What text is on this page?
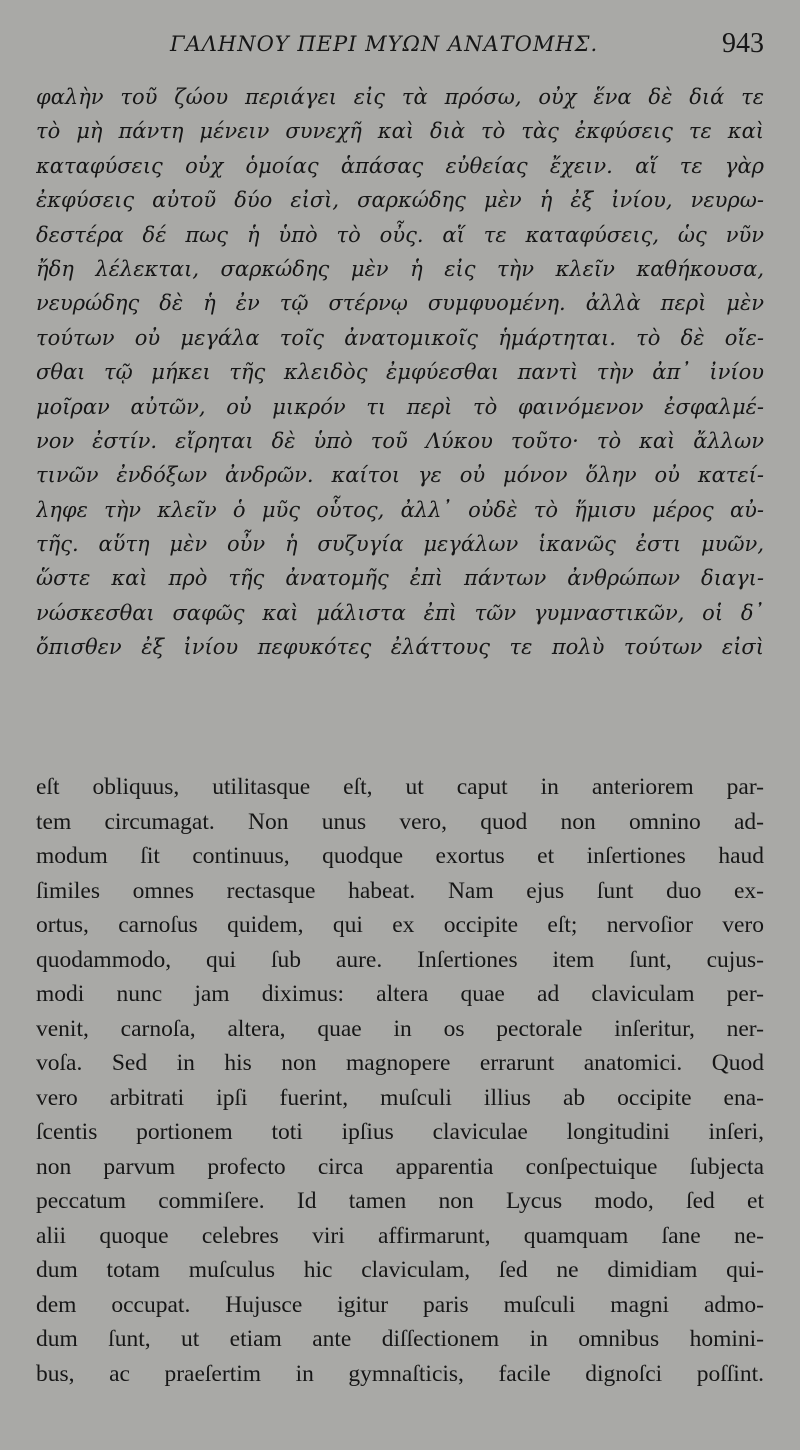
ΓΑΛΗΝΟΥ ΠΕΡΙ ΜΥΩΝ ΑΝΑΤΟΜΗΣ.	943
φαλὴν τοῦ ζώου περιάγει εἰς τὰ πρόσω, οὐχ ἕνα δὲ διά τε
τὸ μὴ πάντη μένειν συνεχῆ καὶ διὰ τὸ τὰς ἐκφύσεις τε καὶ
καταφύσεις οὐχ ὁμοίας ἁπάσας εὐθείας ἔχειν. αἵ τε γὰρ
ἐκφύσεις αὐτοῦ δύο εἰσὶ, σαρκώδης μὲν ἡ ἐξ ἰνίου, νευρω-
δεστέρα δέ πως ἡ ὑπὸ τὸ οὖς. αἵ τε καταφύσεις, ὡς νῦν
ἤδη λέλεκται, σαρκώδης μὲν ἡ εἰς τὴν κλεῖν καθήκουσα,
νευρώδης δὲ ἡ ἐν τῷ στέρνῳ συμφυομένη. ἀλλὰ περὶ μὲν
τούτων οὐ μεγάλα τοῖς ἀνατομικοῖς ἡμάρτηται. τὸ δὲ οἴε-
σθαι τῷ μήκει τῆς κλειδὸς ἐμφύεσθαι παντὶ τὴν ἀπ᾽ ἰνίου
μοῖραν αὐτῶν, οὐ μικρόν τι περὶ τὸ φαινόμενον ἐσφαλμέ-
νον ἐστίν. εἴρηται δὲ ὑπὸ τοῦ Λύκου τοῦτο· τὸ καὶ ἄλλων
τινῶν ἐνδόξων ἀνδρῶν. καίτοι γε οὐ μόνον ὅλην οὐ κατεί-
ληφε τὴν κλεῖν ὁ μῦς οὗτος, ἀλλ᾽ οὐδὲ τὸ ἥμισυ μέρος αὐ-
τῆς. αὕτη μὲν οὖν ἡ συζυγία μεγάλων ἱκανῶς ἐστι μυῶν,
ὥστε καὶ πρὸ τῆς ἀνατομῆς ἐπὶ πάντων ἀνθρώπων διαγι-
νώσκεσθαι σαφῶς καὶ μάλιστα ἐπὶ τῶν γυμναστικῶν, οἱ δ᾽
ὄπισθεν ἐξ ἰνίου πεφυκότες ἐλάττους τε πολὺ τούτων εἰσὶ
eſt obliquus, utilitasque eſt, ut caput in anteriorem par-
tem circumagat. Non unus vero, quod non omnino ad-
modum ſit continuus, quodque exortus et inſertiones haud
ſimiles omnes rectasque habeat. Nam ejus ſunt duo ex-
ortus, carnoſus quidem, qui ex occipite eſt; nervoſior vero
quodammodo, qui ſub aure. Inſertiones item ſunt, cujus-
modi nunc jam diximus: altera quae ad claviculam per-
venit, carnoſa, altera, quae in os pectorale inſeritur, ner-
voſa. Sed in his non magnopere errarunt anatomici. Quod
vero arbitrati ipſi fuerint, muſculi illius ab occipite ena-
ſcentis portionem toti ipſius claviculae longitudini inſeri,
non parvum profecto circa apparentia conſpectuique ſubjecta
peccatum commiſere. Id tamen non Lycus modo, ſed et
alii quoque celebres viri affirmarunt, quamquam ſane ne-
dum totam muſculus hic claviculam, ſed ne dimidiam qui-
dem occupat. Hujusce igitur paris muſculi magni admo-
dum ſunt, ut etiam ante diſſectionem in omnibus homini-
bus, ac praeſertim in gymnaſticis, facile dignoſci poſſint.
